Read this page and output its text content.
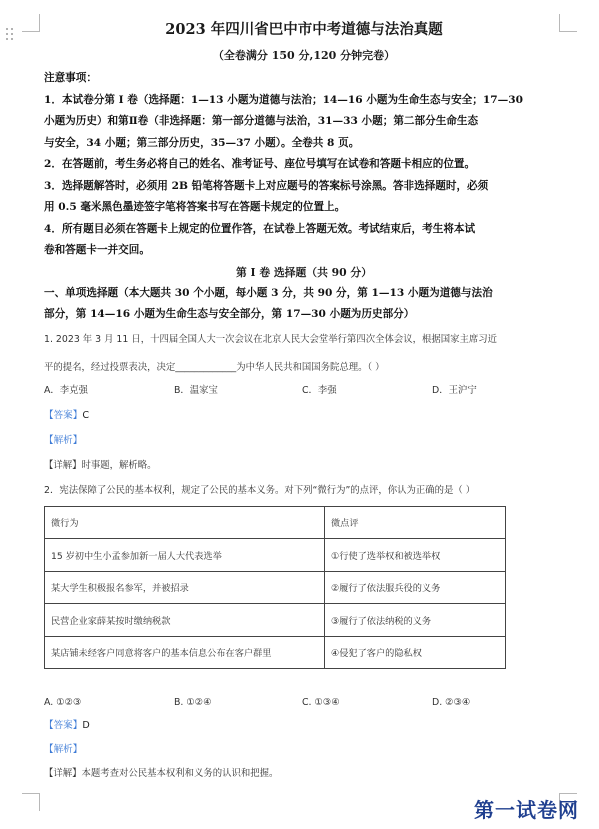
2023 年四川省巴中市中考道德与法治真题
（全卷满分 150 分,120 分钟完卷）
注意事项：
1．本试卷分第 I 卷（选择题：1—13 小题为道德与法治；14—16 小题为生命生态与安全；17—30
小题为历史）和第Ⅱ卷（非选择题：第一部分道德与法治，31—33 小题；第二部分生命生态
与安全，34 小题；第三部分历史，35—37 小题）。全卷共 8 页。
2．在答题前，考生务必将自己的姓名、准考证号、座位号填写在试卷和答题卡相应的位置。
3．选择题解答时，必须用 2B 铅笔将答题卡上对应题号的答案标号涂黑。答非选择题时，必须
用 0.5 毫米黑色墨迹签字笔将答案书写在答题卡规定的位置上。
4．所有题目必须在答题卡上规定的位置作答，在试卷上答题无效。考试结束后，考生将本试
卷和答题卡一并交回。
第 I 卷 选择题（共 90 分）
一、单项选择题（本大题共 30 个小题，每小题 3 分，共 90 分，第 1—13 小题为道德与法治
部分，第 14—16 小题为生命生态与安全部分，第 17—30 小题为历史部分）
1. 2023 年 3 月 11 日，十四届全国人大一次会议在北京人民大会堂举行第四次全体会议，根据国家主席习近
平的提名，经过投票表决，决定_____________为中华人民共和国国务院总理。（ ）
A．李克强	B．温家宝	C．李强	D．王沪宁
【答案】C
【解析】
【详解】时事题，解析略。
2．宪法保障了公民的基本权利，规定了公民的基本义务。对下列“微行为”的点评，你认为正确的是（ ）
微行为	微点评
15 岁初中生小孟参加新一届人大代表选举	①行使了选举权和被选举权
某大学生积极报名参军，并被招录	②履行了依法服兵役的义务
民营企业家薛某按时缴纳税款	③履行了依法纳税的义务
某店铺未经客户同意将客户的基本信息公布在客户群里	④侵犯了客户的隐私权
A. ①②③	B. ①②④	C. ①③④	D. ②③④
【答案】D
【解析】
【详解】本题考查对公民基本权利和义务的认识和把握。
第一试卷网
